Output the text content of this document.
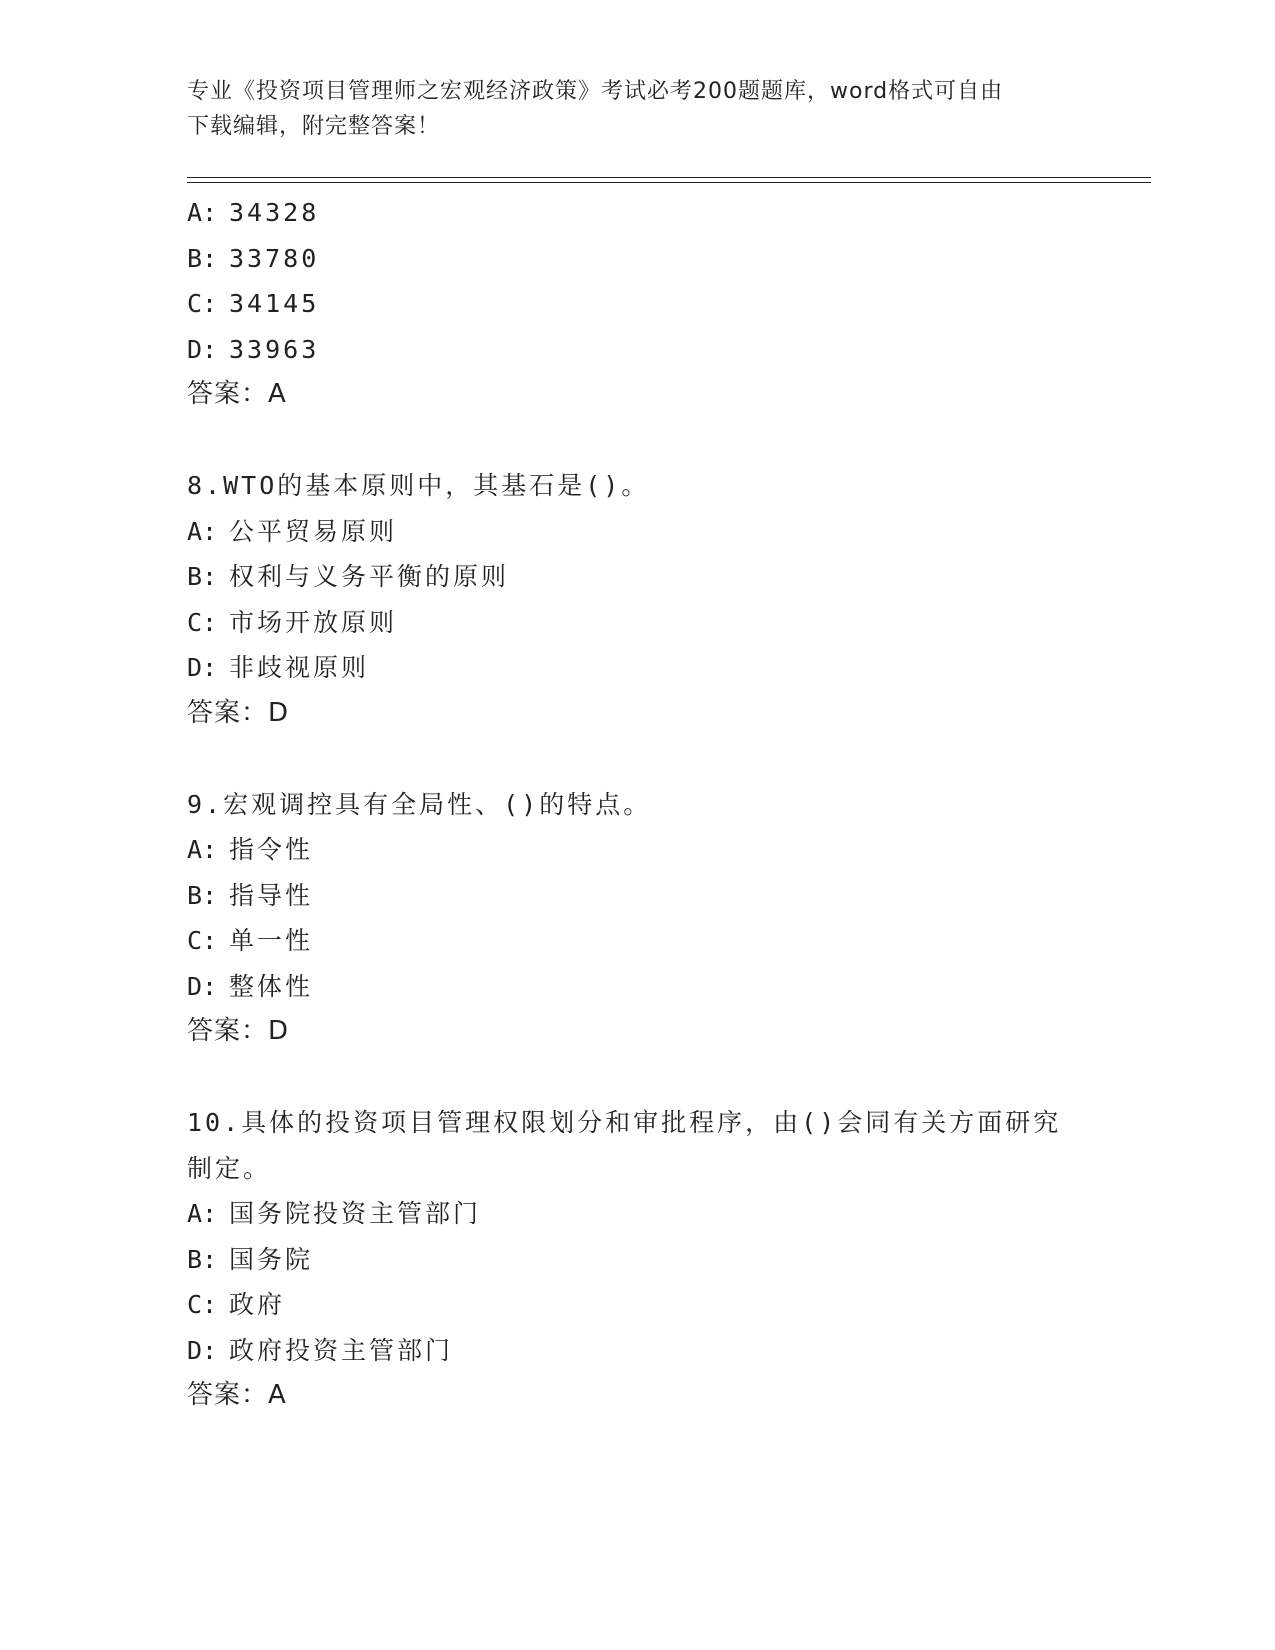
专业《投资项目管理师之宏观经济政策》考试必考200题题库，word格式可自由
下载编辑，附完整答案！
A: 34328
B: 33780
C: 34145
D: 33963
答案：A
8.WTO的基本原则中，其基石是()。
A: 公平贸易原则
B: 权利与义务平衡的原则
C: 市场开放原则
D: 非歧视原则
答案：D
9.宏观调控具有全局性、()的特点。
A: 指令性
B: 指导性
C: 单一性
D: 整体性
答案：D
10.具体的投资项目管理权限划分和审批程序，由()会同有关方面研究
制定。
A: 国务院投资主管部门
B: 国务院
C: 政府
D: 政府投资主管部门
答案：A
